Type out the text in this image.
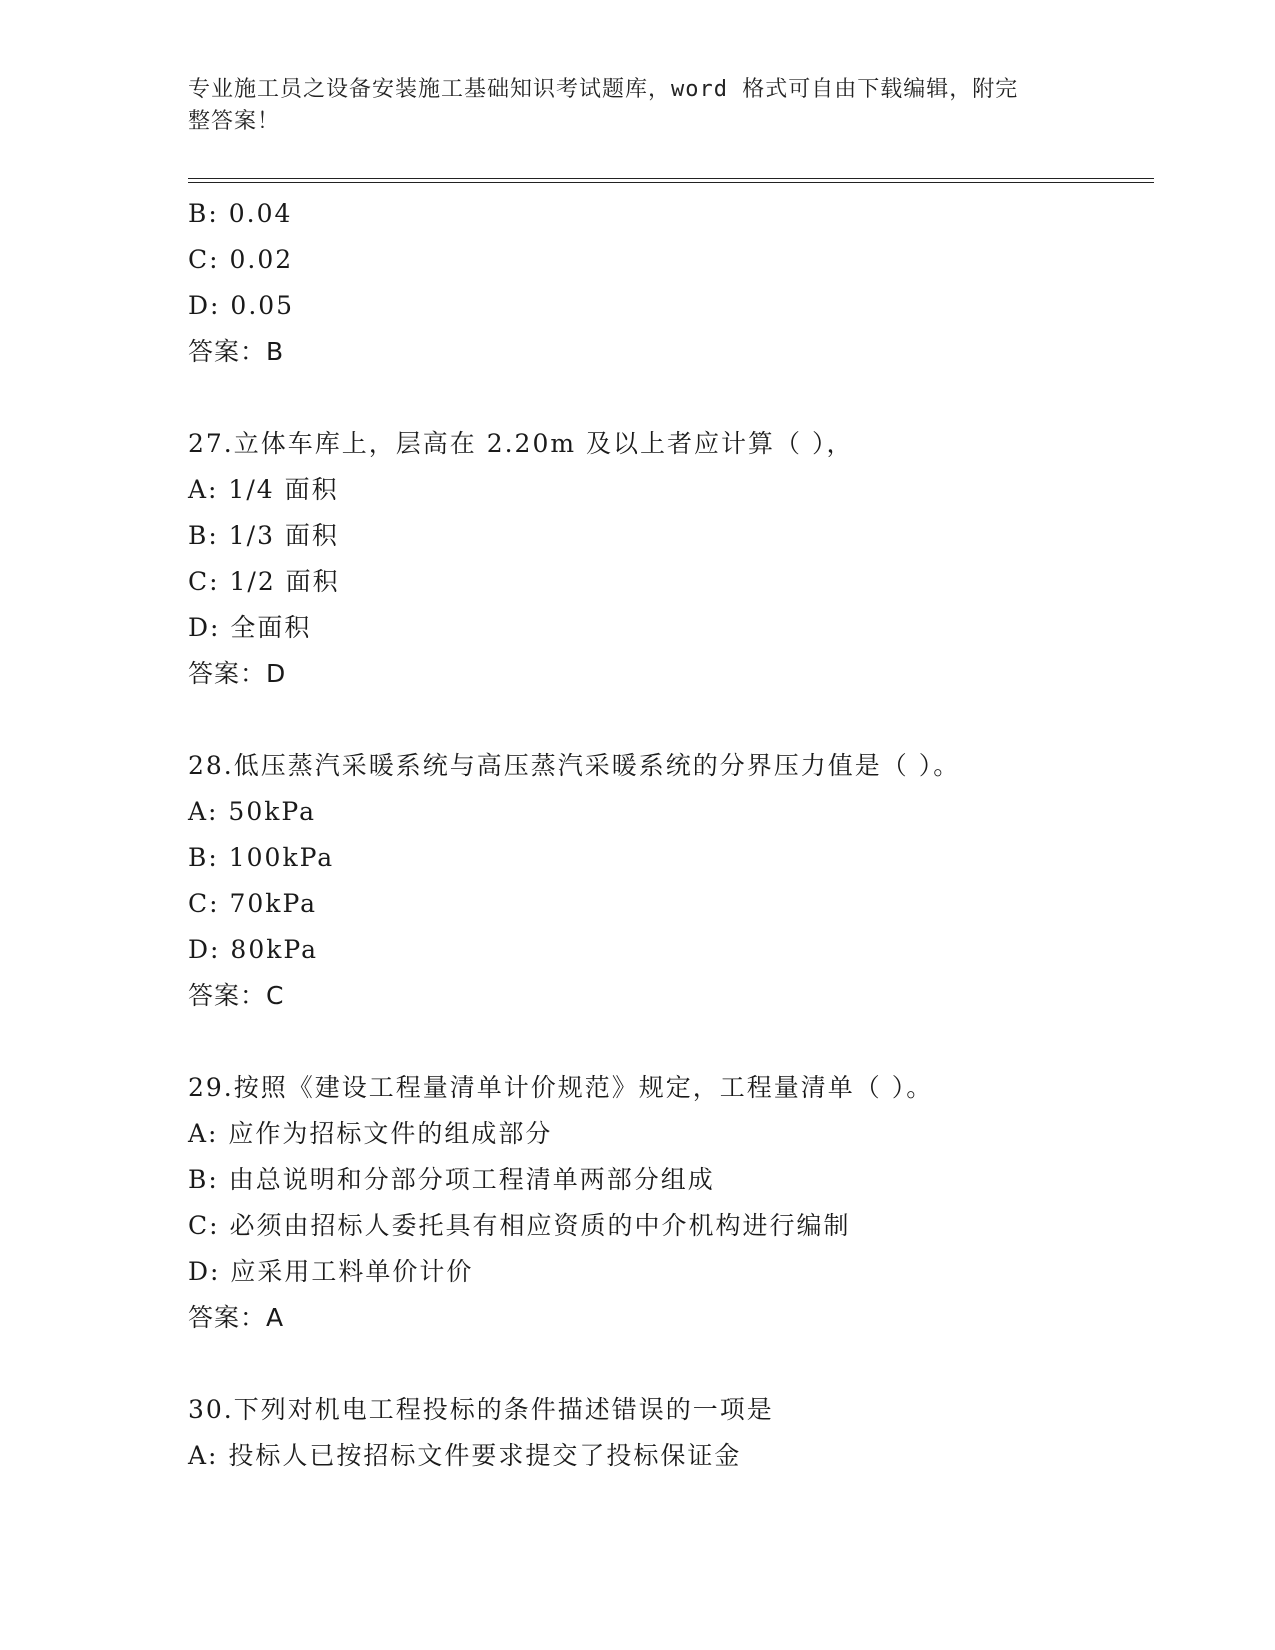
专业施工员之设备安装施工基础知识考试题库，word 格式可自由下载编辑，附完
整答案！
B: 0.04
C: 0.02
D: 0.05
答案：B
27.立体车库上，层高在 2.20m 及以上者应计算（ ），
A: 1/4 面积
B: 1/3 面积
C: 1/2 面积
D: 全面积
答案：D
28.低压蒸汽采暖系统与高压蒸汽采暖系统的分界压力值是（ ）。
A: 50kPa
B: 100kPa
C: 70kPa
D: 80kPa
答案：C
29.按照《建设工程量清单计价规范》规定，工程量清单（ ）。
A: 应作为招标文件的组成部分
B: 由总说明和分部分项工程清单两部分组成
C: 必须由招标人委托具有相应资质的中介机构进行编制
D: 应采用工料单价计价
答案：A
30.下列对机电工程投标的条件描述错误的一项是
A: 投标人已按招标文件要求提交了投标保证金
